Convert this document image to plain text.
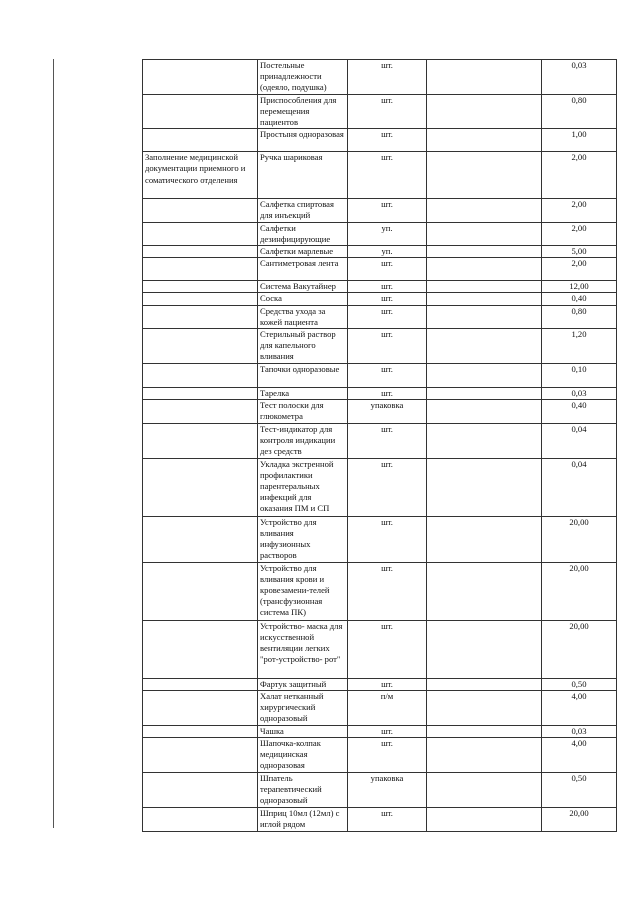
	Постельные принадлежности (одеяло, подушка)	шт.		0,03
	Приспособления для перемещения пациентов	шт.		0,80
	Простыня одноразовая	шт.		1,00
Заполнение медицинской документации приемного и соматического отделения	Ручка шариковая	шт.		2,00
	Салфетка спиртовая для инъекций	шт.		2,00
	Салфетки дезинфицирующие	уп.		2,00
	Салфетки марлевые	уп.		5,00
	Сантиметровая лента	шт.		2,00
	Система Вакутайнер	шт.		12,00
	Соска	шт.		0,40
	Средства ухода за кожей пациента	шт.		0,80
	Стерильный раствор для капельного вливания	шт.		1,20
	Тапочки одноразовые	шт.		0,10
	Тарелка	шт.		0,03
	Тест полоски для глюкометра	упаковка		0,40
	Тест-индикатор для контроля индикации дез средств	шт.		0,04
	Укладка экстренной профилактики парентеральных инфекций для оказания ПМ и СП	шт.		0,04
	Устройство для вливания инфузионных растворов	шт.		20,00
	Устройство для вливания крови и кровезамени-телей (трансфузионная система ПК)	шт.		20,00
	Устройство- маска для искусственной вентиляции легких "рот-устройство- рот"	шт.		20,00
	Фартук защитный	шт.		0,50
	Халат нетканный хирургический одноразовый	п/м		4,00
	Чашка	шт.		0,03
	Шапочка-колпак медицинская одноразовая	шт.		4,00
	Шпатель терапевтический одноразовый	упаковка		0,50
	Шприц 10мл (12мл) с иглой рядом	шт.		20,00
